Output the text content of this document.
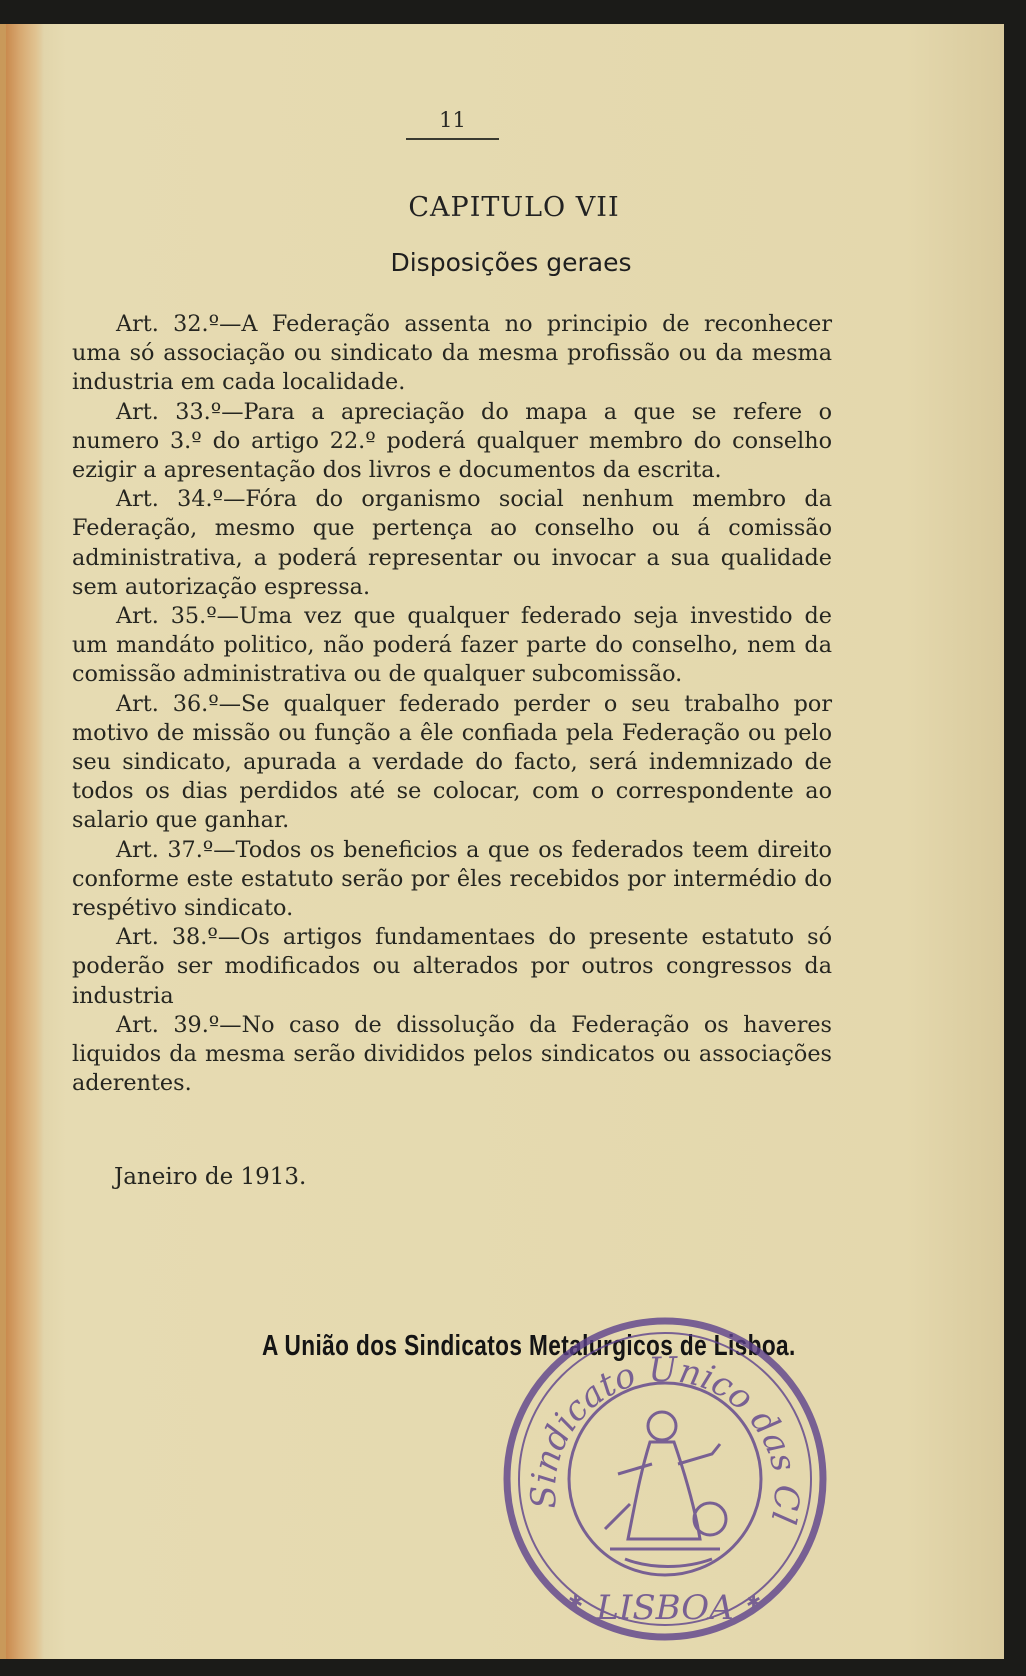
11
CAPITULO VII
Disposições geraes

Art. 32.º—A Federação assenta no principio de reconhecer uma só associação ou sindicato da mesma profissão ou da mesma industria em cada localidade.

Art. 33.º—Para a apreciação do mapa a que se refere o numero 3.º do artigo 22.º poderá qualquer membro do conselho ezigir a apresentação dos livros e documentos da escrita.

Art. 34.º—Fóra do organismo social nenhum membro da Federação, mesmo que pertença ao conselho ou á comissão administrativa, a poderá representar ou invocar a sua qualidade sem autorização espressa.

Art. 35.º—Uma vez que qualquer federado seja investido de um mandáto politico, não poderá fazer parte do conselho, nem da comissão administrativa ou de qualquer subcomissão.

Art. 36.º—Se qualquer federado perder o seu trabalho por motivo de missão ou função a êle confiada pela Federação ou pelo seu sindicato, apurada a verdade do facto, será indemnizado de todos os dias perdidos até se colocar, com o correspondente ao salario que ganhar.

Art. 37.º—Todos os beneficios a que os federados teem direito conforme este estatuto serão por êles recebidos por intermédio do respétivo sindicato.

Art. 38.º—Os artigos fundamentaes do presente estatuto só poderão ser modificados ou alterados por outros congressos da industria

Art. 39.º—No caso de dissolução da Federação os haveres liquidos da mesma serão divididos pelos sindicatos ou associações aderentes.

Janeiro de 1913.
A União dos Sindicatos Metalurgicos de Lisboa.
Sindicato Unico das Cl
LISBOA
✱	✱
